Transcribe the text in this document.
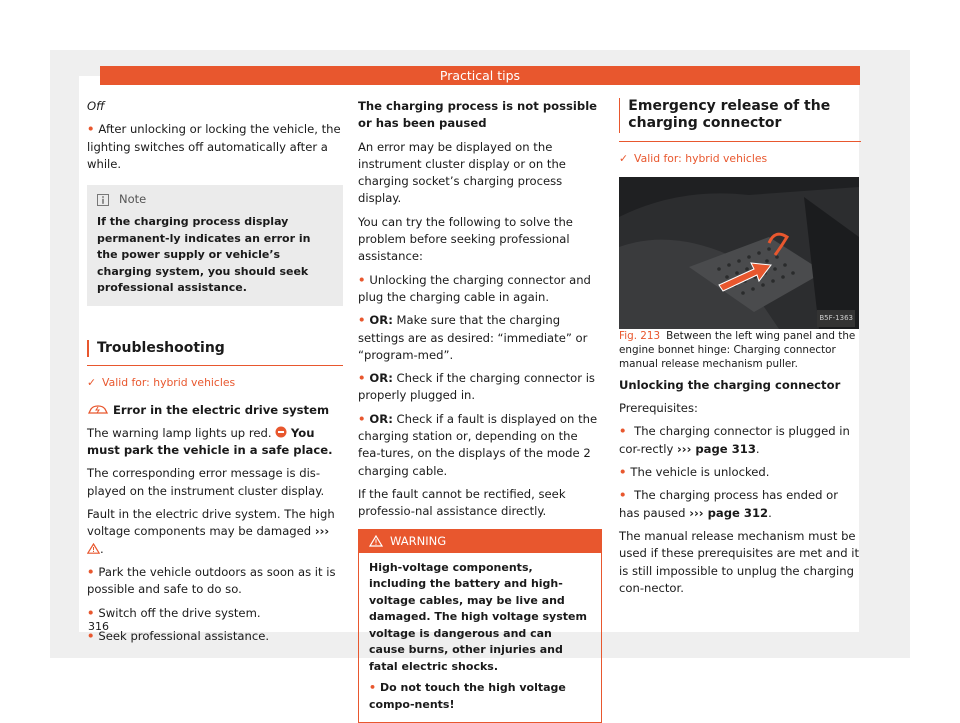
Practical tips

Off

• After unlocking or locking the vehicle, the lighting switches off automatically after a while.

Note
If the charging process display permanent-ly indicates an error in the power supply or vehicle’s charging system, you should seek professional assistance.
Troubleshooting
✓ Valid for: hybrid vehicles

Error in the electric drive system

The warning lamp lights up red. You must park the vehicle in a safe place.

The corresponding error message is dis-played on the instrument cluster display.

Fault in the electric drive system. The high voltage components may be damaged ››› .

• Park the vehicle outdoors as soon as it is possible and safe to do so.

• Switch off the drive system.

• Seek professional assistance.

The charging process is not possible or has been paused

An error may be displayed on the instrument cluster display or on the charging socket’s charging process display.

You can try the following to solve the problem before seeking professional assistance:

• Unlocking the charging connector and plug the charging cable in again.

• OR: Make sure that the charging settings are as desired: “immediate” or “program-med”.

• OR: Check if the charging connector is properly plugged in.

• OR: Check if a fault is displayed on the charging station or, depending on the fea-tures, on the displays of the mode 2 charging cable.

If the fault cannot be rectified, seek professio-nal assistance directly.

WARNING
High-voltage components, including the battery and high-voltage cables, may be live and damaged. The high voltage system voltage is dangerous and can cause burns, other injuries and fatal electric shocks.
• Do not touch the high voltage compo-nents!
Emergency release of the charging connector
✓ Valid for: hybrid vehicles
B5F-1363

Fig. 213 Between the left wing panel and the engine bonnet hinge: Charging connector manual release mechanism puller.

Unlocking the charging connector

Prerequisites:

• The charging connector is plugged in cor-rectly ››› page 313.

• The vehicle is unlocked.

• The charging process has ended or has paused ››› page 312.

The manual release mechanism must be used if these prerequisites are met and it is still impossible to unplug the charging con-nector.

316
